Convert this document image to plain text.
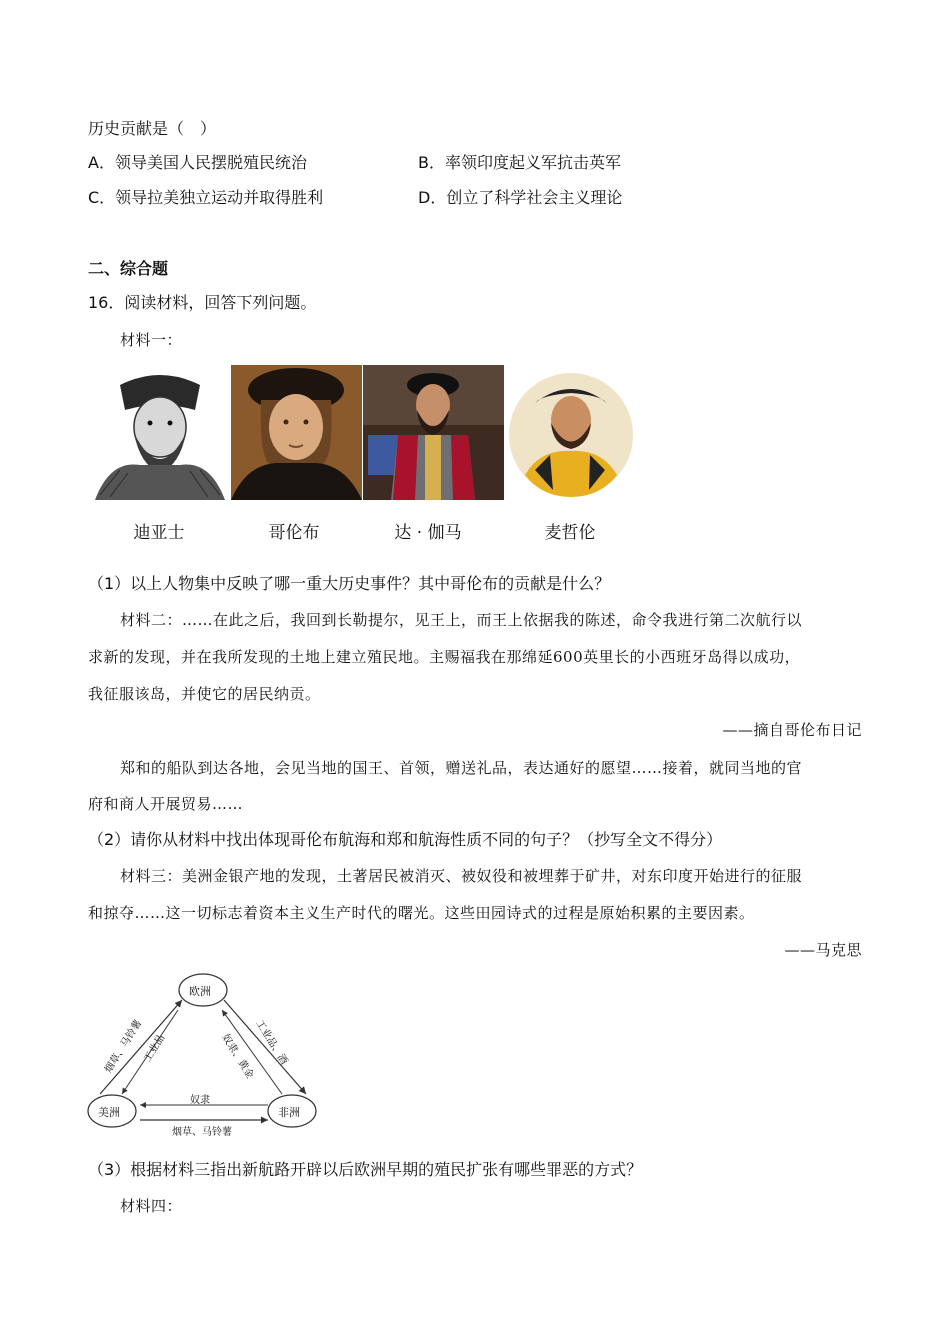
历史贡献是（　）
A．领导美国人民摆脱殖民统治	B．率领印度起义军抗击英军
C．领导拉美独立运动并取得胜利	D．创立了科学社会主义理论
二、综合题
16．阅读材料，回答下列问题。
材料一：
迪亚士	哥伦布	达 · 伽马	麦哲伦
（1）以上人物集中反映了哪一重大历史事件？其中哥伦布的贡献是什么？
材料二：……在此之后，我回到长勒提尔，见王上，而王上依据我的陈述，命令我进行第二次航行以
求新的发现，并在我所发现的土地上建立殖民地。主赐福我在那绵延600英里长的小西班牙岛得以成功，
我征服该岛，并使它的居民纳贡。
——摘自哥伦布日记
郑和的船队到达各地，会见当地的国王、首领，赠送礼品，表达通好的愿望……接着，就同当地的官
府和商人开展贸易……
（2）请你从材料中找出体现哥伦布航海和郑和航海性质不同的句子？（抄写全文不得分）
材料三：美洲金银产地的发现，土著居民被消灭、被奴役和被埋葬于矿井，对东印度开始进行的征服
和掠夺……这一切标志着资本主义生产时代的曙光。这些田园诗式的过程是原始积累的主要因素。
——马克思
欧洲
美洲	非洲
烟草、马铃薯
工业品	工业品、酒
奴隶、黄金
奴隶
烟草、马铃薯
（3）根据材料三指出新航路开辟以后欧洲早期的殖民扩张有哪些罪恶的方式？
材料四：
